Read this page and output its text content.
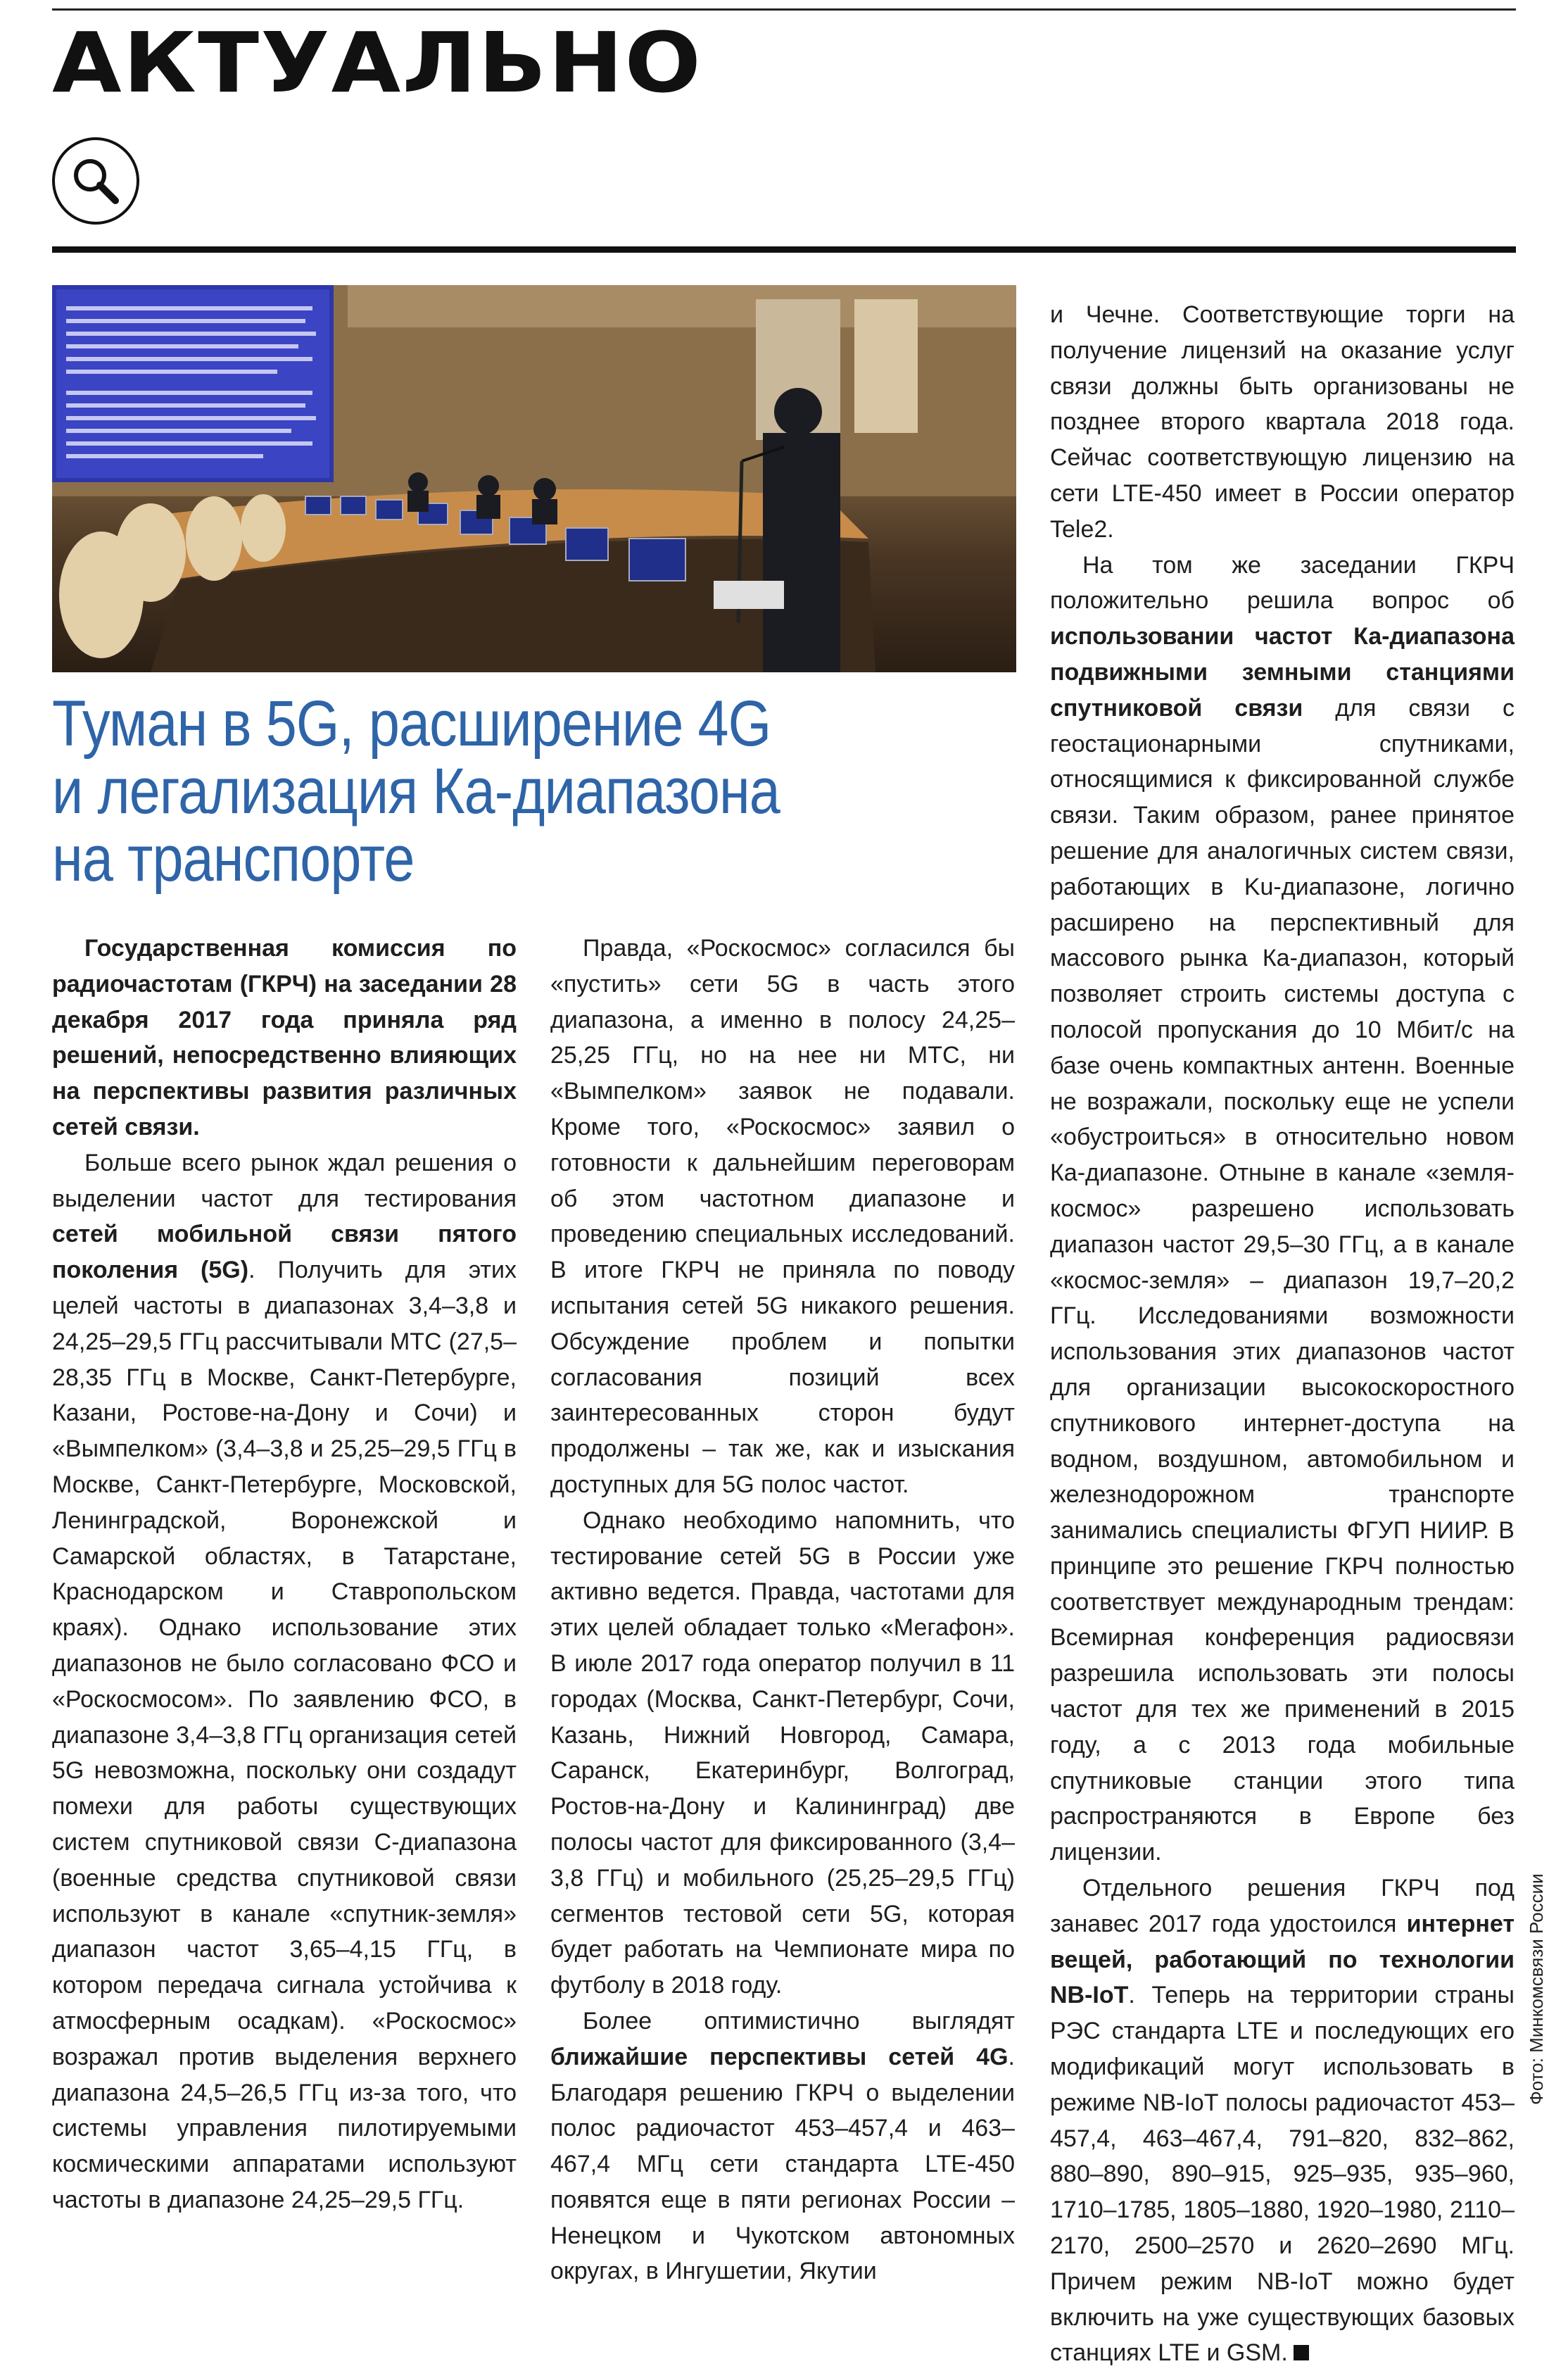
АКТУАЛЬНО
Туман в 5G, расширение 4G
и легализация Ка-диапазона
на транспорте

Государственная комиссия по радиочастотам (ГКРЧ) на заседании 28 декабря 2017 года приняла ряд решений, непосредственно влияющих на перспективы развития различных сетей связи.

Больше всего рынок ждал решения о выделении частот для тестирования сетей мобильной связи пятого поколения (5G). Получить для этих целей частоты в диапазонах 3,4–3,8 и 24,25–29,5 ГГц рассчитывали МТС (27,5–28,35 ГГц в Москве, Санкт-Петербурге, Казани, Ростове-на-Дону и Сочи) и «Вымпелком» (3,4–3,8 и 25,25–29,5 ГГц в Москве, Санкт-Петербурге, Московской, Ленинградской, Воронежской и Самарской областях, в Татарстане, Краснодарском и Ставропольском краях). Однако использование этих диапазонов не было согласовано ФСО и «Роскосмосом». По заявлению ФСО, в диапазоне 3,4–3,8 ГГц организация сетей 5G невозможна, поскольку они создадут помехи для работы существующих систем спутниковой связи С-диапазона (военные средства спутниковой связи используют в канале «спутник-земля» диапазон частот 3,65–4,15 ГГц, в котором передача сигнала устойчива к атмосферным осадкам). «Роскосмос» возражал против выделения верхнего диапазона 24,5–26,5 ГГц из-за того, что системы управления пилотируемыми космическими аппаратами используют частоты в диапазоне 24,25–29,5 ГГц.

Правда, «Роскосмос» согласился бы «пустить» сети 5G в часть этого диапазона, а именно в полосу 24,25–25,25 ГГц, но на нее ни МТС, ни «Вымпелком» заявок не подавали. Кроме того, «Роскосмос» заявил о готовности к дальнейшим переговорам об этом частотном диапазоне и проведению специальных исследований. В итоге ГКРЧ не приняла по поводу испытания сетей 5G никакого решения. Обсуждение проблем и попытки согласования позиций всех заинтересованных сторон будут продолжены – так же, как и изыскания доступных для 5G полос частот.

Однако необходимо напомнить, что тестирование сетей 5G в России уже активно ведется. Правда, частотами для этих целей обладает только «Мегафон». В июле 2017 года оператор получил в 11 городах (Москва, Санкт-Петербург, Сочи, Казань, Нижний Новгород, Самара, Саранск, Екатеринбург, Волгоград, Ростов-на-Дону и Калининград) две полосы частот для фиксированного (3,4–3,8 ГГц) и мобильного (25,25–29,5 ГГц) сегментов тестовой сети 5G, которая будет работать на Чемпионате мира по футболу в 2018 году.

Более оптимистично выглядят ближайшие перспективы сетей 4G. Благодаря решению ГКРЧ о выделении полос радиочастот 453–457,4 и 463–467,4 МГц сети стандарта LTE-450 появятся еще в пяти регионах России – Ненецком и Чукотском автономных округах, в Ингушетии, Якутии

и Чечне. Соответствующие торги на получение лицензий на оказание услуг связи должны быть организованы не позднее второго квартала 2018 года. Сейчас соответствующую лицензию на сети LTE-450 имеет в России оператор Tele2.

На том же заседании ГКРЧ положительно решила вопрос об использовании частот Ка-диапазона подвижными земными станциями спутниковой связи для связи с геостационарными спутниками, относящимися к фиксированной службе связи. Таким образом, ранее принятое решение для аналогичных систем связи, работающих в Ku-диапазоне, логично расширено на перспективный для массового рынка Ка-диапазон, который позволяет строить системы доступа с полосой пропускания до 10 Мбит/с на базе очень компактных антенн. Военные не возражали, поскольку еще не успели «обустроиться» в относительно новом Ка-диапазоне. Отныне в канале «земля-космос» разрешено использовать диапазон частот 29,5–30 ГГц, а в канале «космос-земля» – диапазон 19,7–20,2 ГГц. Исследованиями возможности использования этих диапазонов частот для организации высокоскоростного спутникового интернет-доступа на водном, воздушном, автомобильном и железнодорожном транспорте занимались специалисты ФГУП НИИР. В принципе это решение ГКРЧ полностью соответствует международным трендам: Всемирная конференция радиосвязи разрешила использовать эти полосы частот для тех же применений в 2015 году, а с 2013 года мобильные спутниковые станции этого типа распространяются в Европе без лицензии.

Отдельного решения ГКРЧ под занавес 2017 года удостоился интернет вещей, работающий по технологии NB-IoT. Теперь на территории страны РЭС стандарта LTE и последующих его модификаций могут использовать в режиме NB-IoT полосы радиочастот 453–457,4, 463–467,4, 791–820, 832–862, 880–890, 890–915, 925–935, 935–960, 1710–1785, 1805–1880, 1920–1980, 2110–2170, 2500–2570 и 2620–2690 МГц. Причем режим NB-IoT можно будет включить на уже существующих базовых станциях LTE и GSM.

Фото: Минкомсвязи России
